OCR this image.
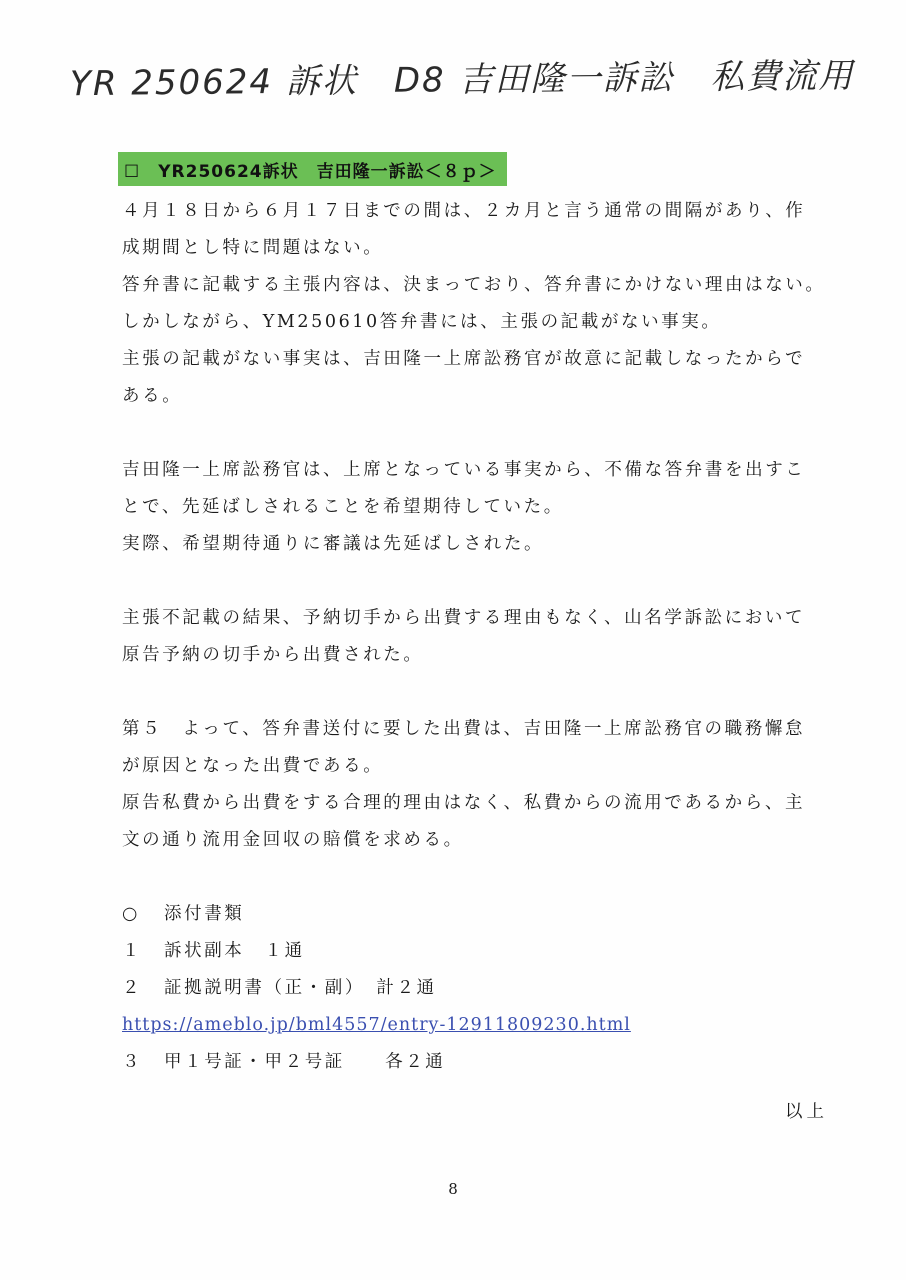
YR 250624 訴状　D8 吉田隆一訴訟　私費流用
☐　YR250624訴状　吉田隆一訴訟＜８ｐ＞
４月１８日から６月１７日までの間は、２カ月と言う通常の間隔があり、作
成期間とし特に問題はない。
答弁書に記載する主張内容は、決まっており、答弁書にかけない理由はない。
しかしながら、YM250610答弁書には、主張の記載がない事実。
主張の記載がない事実は、吉田隆一上席訟務官が故意に記載しなったからで
ある。
吉田隆一上席訟務官は、上席となっている事実から、不備な答弁書を出すこ
とで、先延ばしされることを希望期待していた。
実際、希望期待通りに審議は先延ばしされた。
主張不記載の結果、予納切手から出費する理由もなく、山名学訴訟において
原告予納の切手から出費された。
第５　よって、答弁書送付に要した出費は、吉田隆一上席訟務官の職務懈怠
が原因となった出費である。
原告私費から出費をする合理的理由はなく、私費からの流用であるから、主
文の通り流用金回収の賠償を求める。
○ 添付書類
１ 訴状副本　１通
２ 証拠説明書（正・副）　計２通
https://ameblo.jp/bml4557/entry-12911809230.html
３ 甲１号証・甲２号証　　各２通
以上
8
